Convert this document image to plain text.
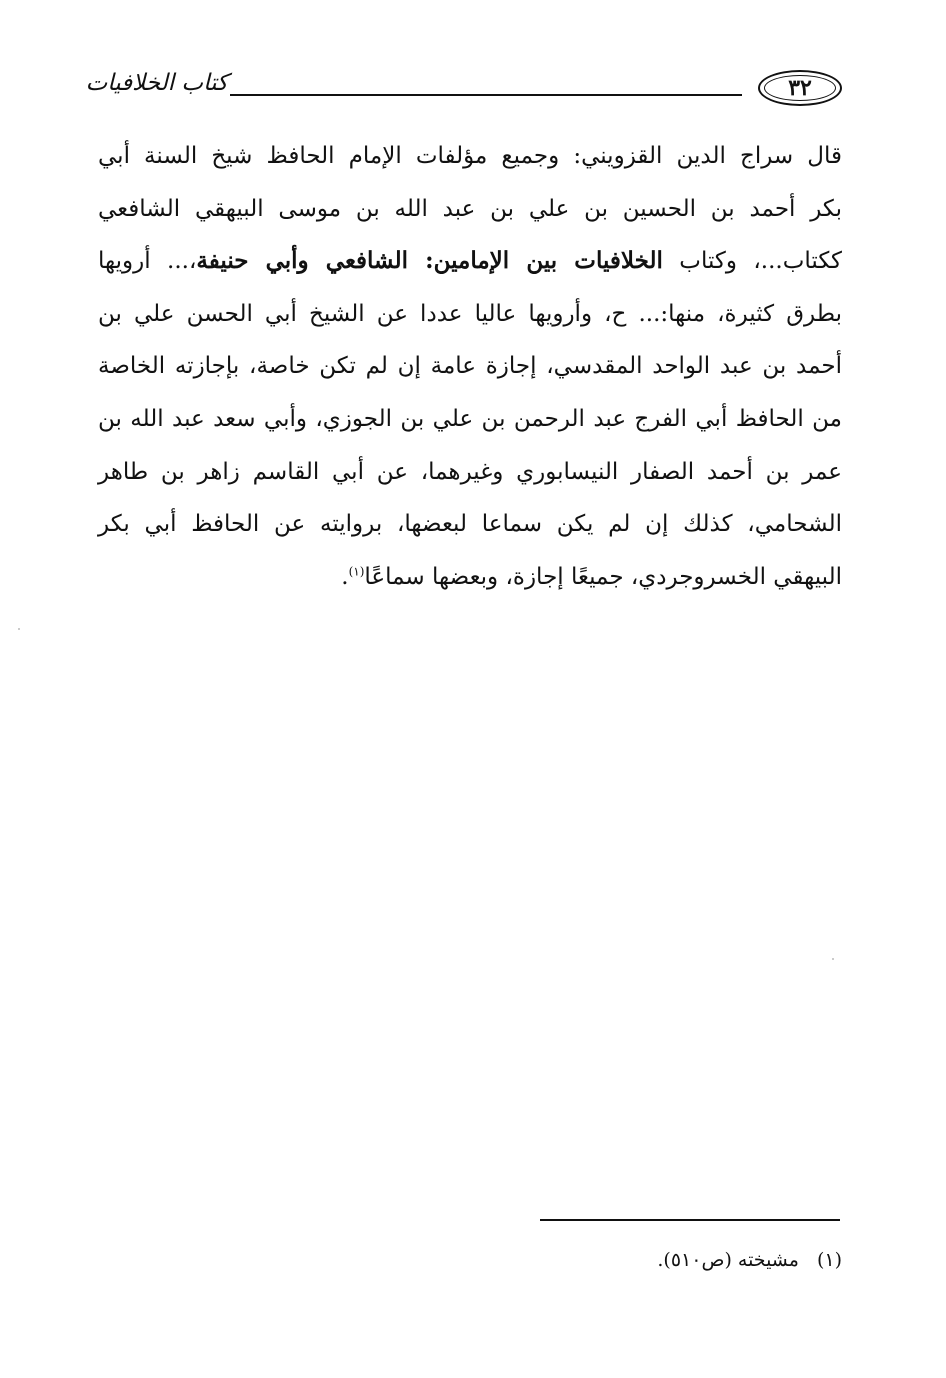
٣٢
كتاب الخلافيات
قال سراج الدين القزويني: وجميع مؤلفات الإمام الحافظ شيخ السنة أبي
بكر أحمد بن الحسين بن علي بن عبد الله بن موسى البيهقي الشافعي
ككتاب...، وكتاب الخلافيات بين الإمامين: الشافعي وأبي حنيفة،... أرويها
بطرق كثيرة، منها:... ح، وأرويها عاليا عددا عن الشيخ أبي الحسن علي بن
أحمد بن عبد الواحد المقدسي، إجازة عامة إن لم تكن خاصة، بإجازته الخاصة
من الحافظ أبي الفرج عبد الرحمن بن علي بن الجوزي، وأبي سعد عبد الله بن
عمر بن أحمد الصفار النيسابوري وغيرهما، عن أبي القاسم زاهر بن طاهر
الشحامي، كذلك إن لم يكن سماعا لبعضها، بروايته عن الحافظ أبي بكر
البيهقي الخسروجردي، جميعًا إجازة، وبعضها سماعًا$^{(١)}$.
(١)مشيخته (ص٥١٠).
